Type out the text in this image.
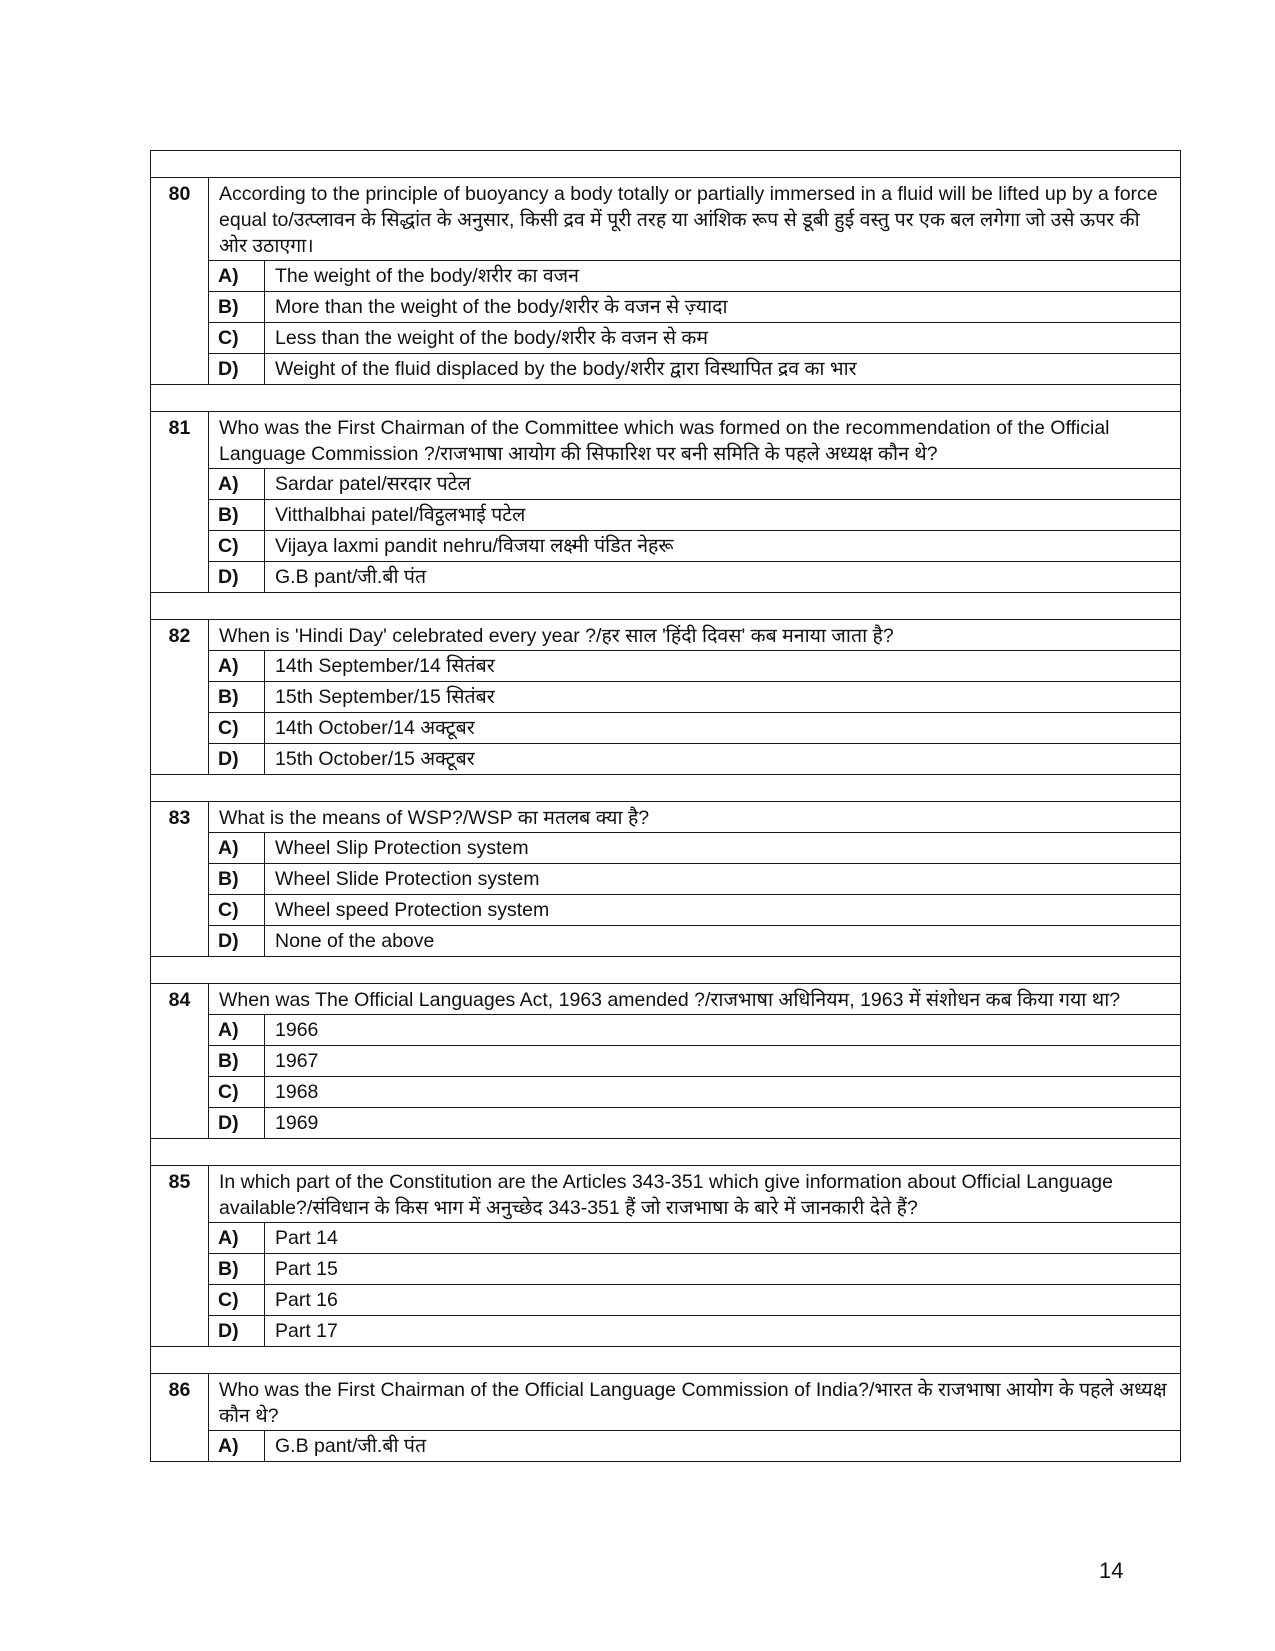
80	According to the principle of buoyancy a body totally or partially immersed in a fluid will be lifted up by a force equal to/उत्प्लावन के सिद्धांत के अनुसार, किसी द्रव में पूरी तरह या आंशिक रूप से डूबी हुई वस्तु पर एक बल लगेगा जो उसे ऊपर की ओर उठाएगा।	
	A)	The weight of the body/शरीर का वजन
	B)	More than the weight of the body/शरीर के वजन से ज़्यादा
	C)	Less than the weight of the body/शरीर के वजन से कम
	D)	Weight of the fluid displaced by the body/शरीर द्वारा विस्थापित द्रव का भार

81	Who was the First Chairman of the Committee which was formed on the recommendation of the Official Language Commission ?/राजभाषा आयोग की सिफारिश पर बनी समिति के पहले अध्यक्ष कौन थे?	
	A)	Sardar patel/सरदार पटेल
	B)	Vitthalbhai patel/विट्ठलभाई पटेल
	C)	Vijaya laxmi pandit nehru/विजया लक्ष्मी पंडित नेहरू
	D)	G.B pant/जी.बी पंत

82	When is 'Hindi Day' celebrated every year ?/हर साल 'हिंदी दिवस' कब मनाया जाता है?	
	A)	14th September/14 सितंबर
	B)	15th September/15 सितंबर
	C)	14th October/14 अक्टूबर
	D)	15th October/15 अक्टूबर

83	What is the means of WSP?/WSP का मतलब क्या है?	
	A)	Wheel Slip Protection system
	B)	Wheel Slide Protection system
	C)	Wheel speed Protection system
	D)	None of the above

84	When was The Official Languages Act, 1963 amended ?/राजभाषा अधिनियम, 1963 में संशोधन कब किया गया था?	
	A)	1966
	B)	1967
	C)	1968
	D)	1969

85	In which part of the Constitution are the Articles 343-351 which give information about Official Language available?/संविधान के किस भाग में अनुच्छेद 343-351 हैं जो राजभाषा के बारे में जानकारी देते हैं?	
	A)	Part 14
	B)	Part 15
	C)	Part 16
	D)	Part 17

86	Who was the First Chairman of the Official Language Commission of India?/भारत के राजभाषा आयोग के पहले अध्यक्ष कौन थे?	
	A)	G.B pant/जी.बी पंत
14
